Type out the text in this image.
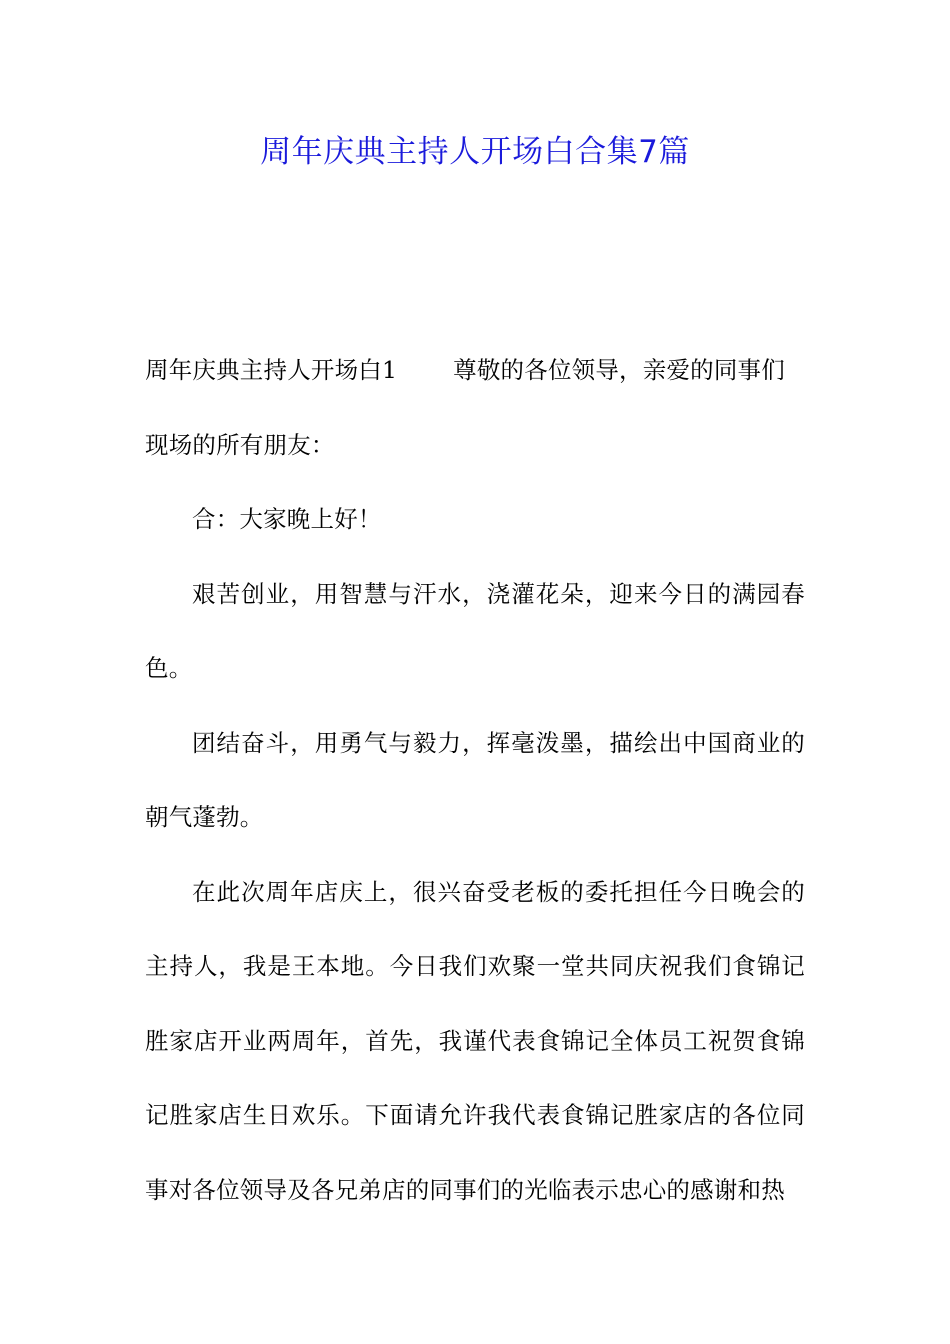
周年庆典主持人开场白合集7篇

周年庆典主持人开场白1 尊敬的各位领导，亲爱的同事们

现场的所有朋友：

合：大家晚上好！

艰苦创业，用智慧与汗水，浇灌花朵，迎来今日的满园春色。

团结奋斗，用勇气与毅力，挥毫泼墨，描绘出中国商业的朝气蓬勃。

在此次周年店庆上，很兴奋受老板的委托担任今日晚会的主持人，我是王本地。今日我们欢聚一堂共同庆祝我们食锦记胜家店开业两周年，首先，我谨代表食锦记全体员工祝贺食锦记胜家店生日欢乐。下面请允许我代表食锦记胜家店的各位同事对各位领导及各兄弟店的同事们的光临表示忠心的感谢和热
